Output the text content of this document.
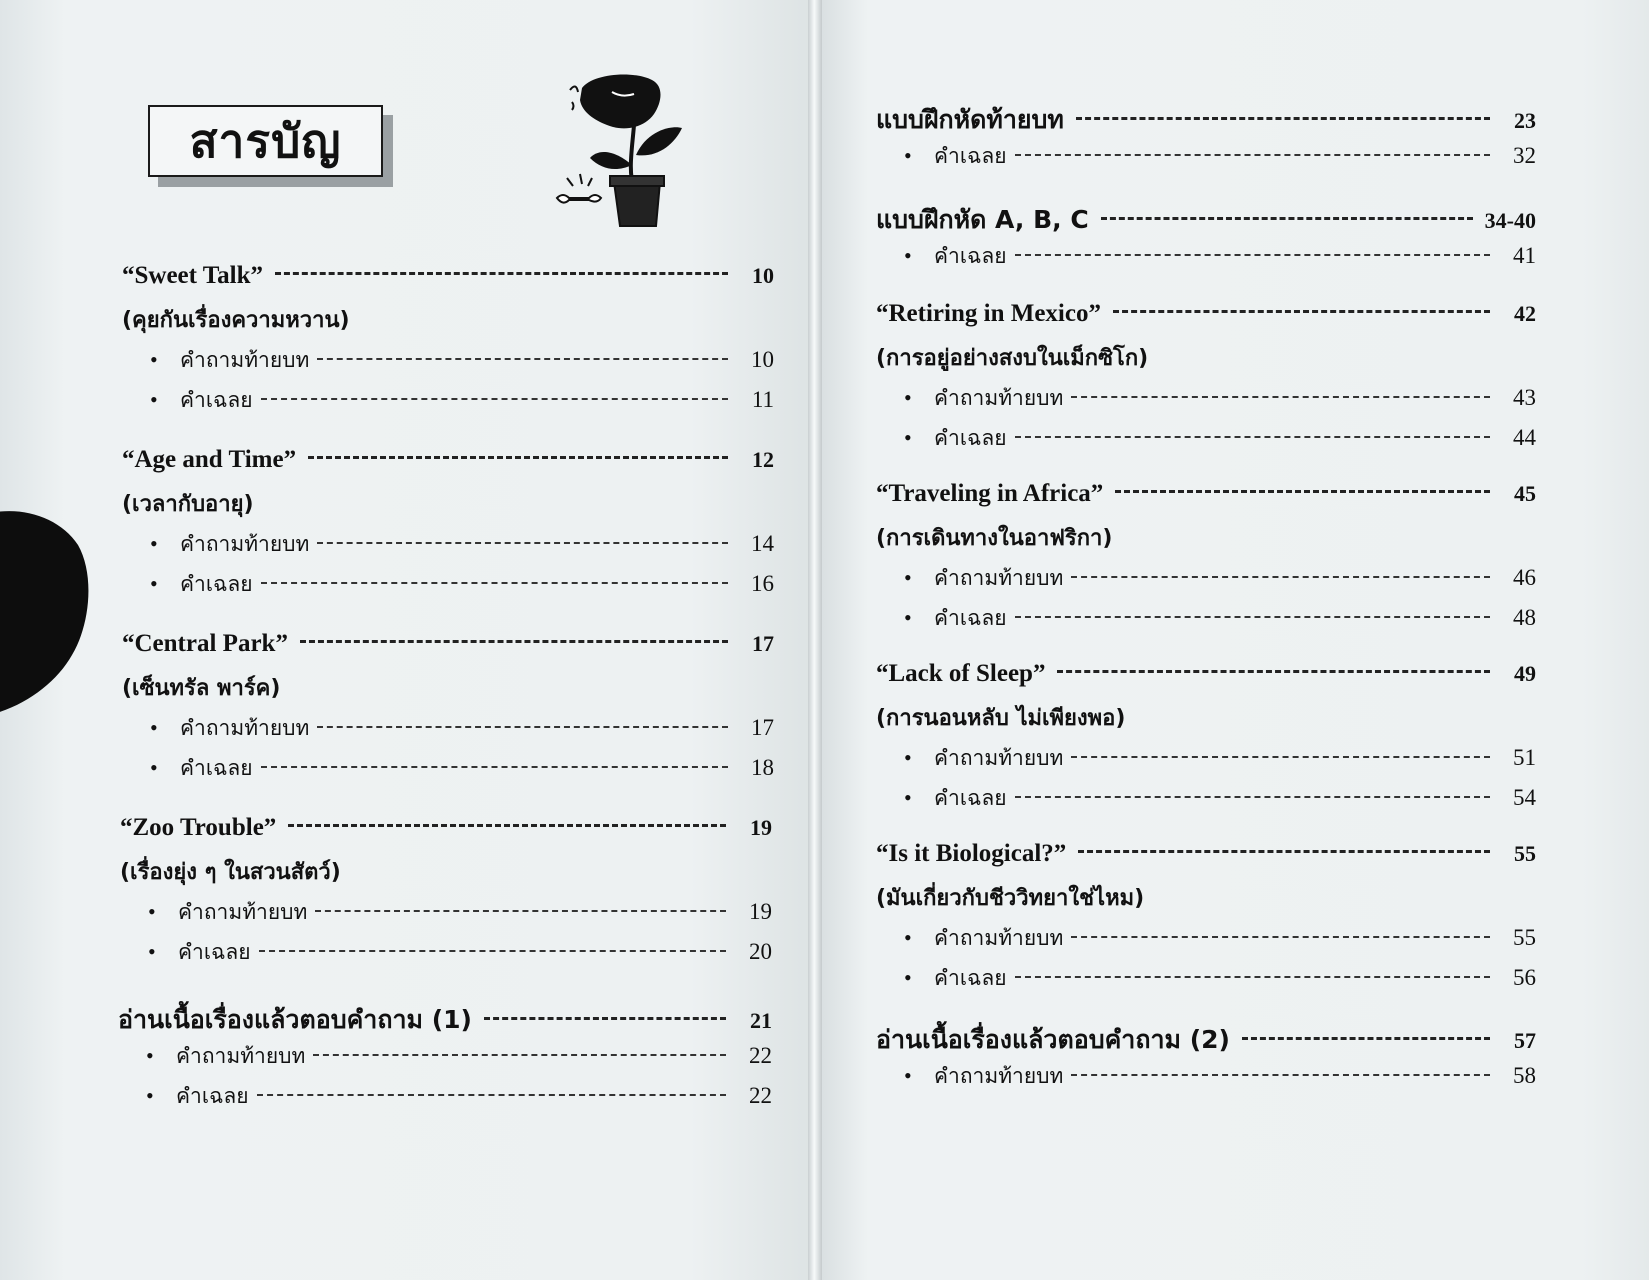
สารบัญ
“Sweet Talk”	10
(คุยกันเรื่องความหวาน)
•	คำถามท้ายบท	10
•	คำเฉลย	11
“Age and Time”	12
(เวลากับอายุ)
•	คำถามท้ายบท	14
•	คำเฉลย	16
“Central Park”	17
(เซ็นทรัล พาร์ค)
•	คำถามท้ายบท	17
•	คำเฉลย	18
“Zoo Trouble”	19
(เรื่องยุ่ง ๆ ในสวนสัตว์)
•	คำถามท้ายบท	19
•	คำเฉลย	20
อ่านเนื้อเรื่องแล้วตอบคำถาม (1)	21
•	คำถามท้ายบท	22
•	คำเฉลย	22
แบบฝึกหัดท้ายบท	23
•	คำเฉลย	32
แบบฝึกหัด A, B, C	34-40
•	คำเฉลย	41
“Retiring in Mexico”	42
(การอยู่อย่างสงบในเม็กซิโก)
•	คำถามท้ายบท	43
•	คำเฉลย	44
“Traveling in Africa”	45
(การเดินทางในอาฟริกา)
•	คำถามท้ายบท	46
•	คำเฉลย	48
“Lack of Sleep”	49
(การนอนหลับ ไม่เพียงพอ)
•	คำถามท้ายบท	51
•	คำเฉลย	54
“Is it Biological?”	55
(มันเกี่ยวกับชีววิทยาใช่ไหม)
•	คำถามท้ายบท	55
•	คำเฉลย	56
อ่านเนื้อเรื่องแล้วตอบคำถาม (2)	57
•	คำถามท้ายบท	58
